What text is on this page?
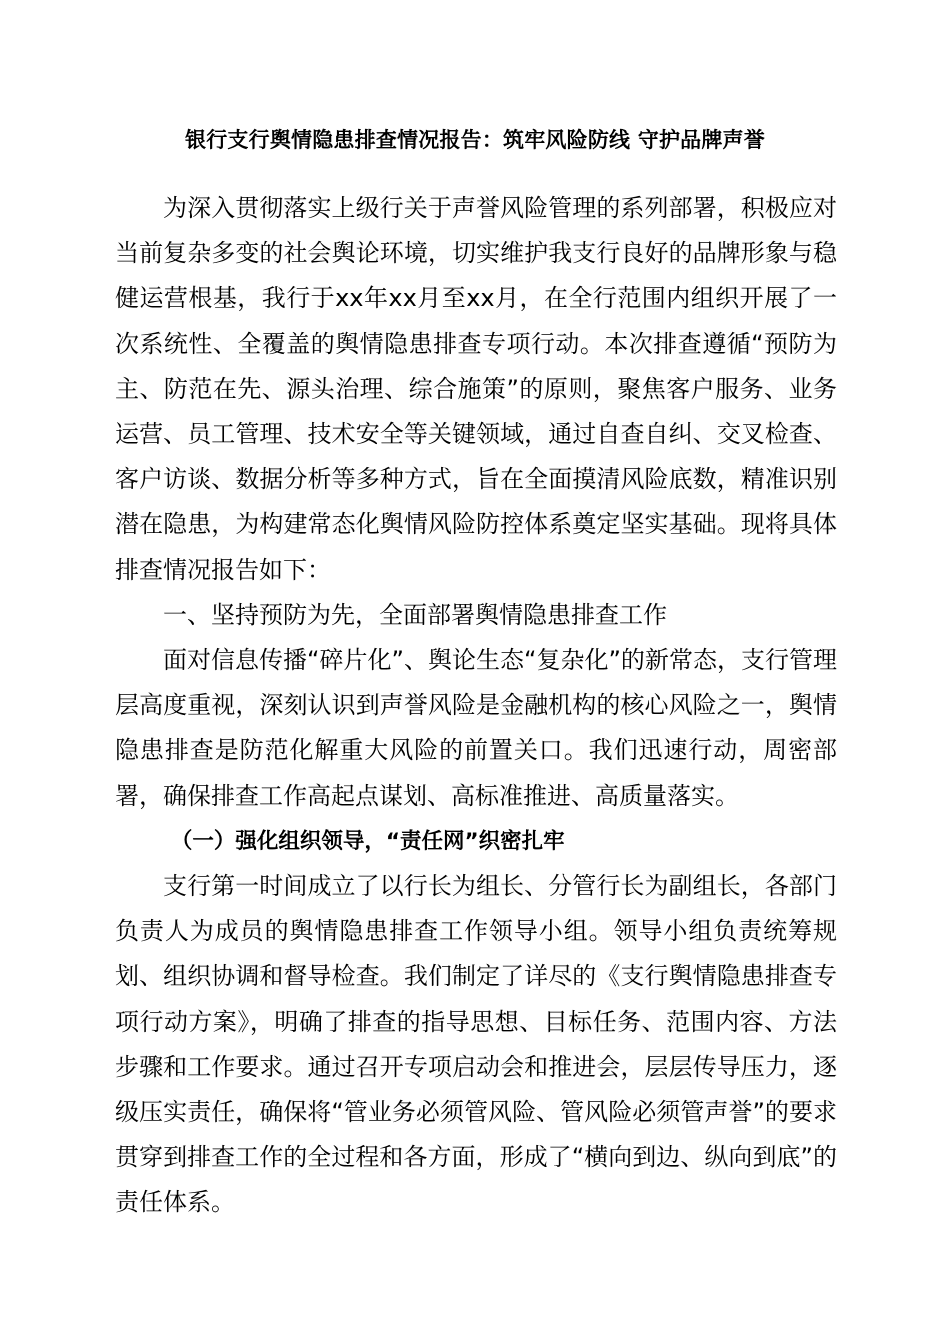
银行支行舆情隐患排查情况报告：筑牢风险防线 守护品牌声誉

为深入贯彻落实上级行关于声誉风险管理的系列部署，积极应对当前复杂多变的社会舆论环境，切实维护我支行良好的品牌形象与稳健运营根基，我行于xx年xx月至xx月，在全行范围内组织开展了一次系统性、全覆盖的舆情隐患排查专项行动。本次排查遵循“预防为主、防范在先、源头治理、综合施策”的原则，聚焦客户服务、业务运营、员工管理、技术安全等关键领域，通过自查自纠、交叉检查、客户访谈、数据分析等多种方式，旨在全面摸清风险底数，精准识别潜在隐患，为构建常态化舆情风险防控体系奠定坚实基础。现将具体排查情况报告如下：

一、坚持预防为先，全面部署舆情隐患排查工作

面对信息传播“碎片化”、舆论生态“复杂化”的新常态，支行管理层高度重视，深刻认识到声誉风险是金融机构的核心风险之一，舆情隐患排查是防范化解重大风险的前置关口。我们迅速行动，周密部署，确保排查工作高起点谋划、高标准推进、高质量落实。

（一）强化组织领导，“责任网”织密扎牢

支行第一时间成立了以行长为组长、分管行长为副组长，各部门负责人为成员的舆情隐患排查工作领导小组。领导小组负责统筹规划、组织协调和督导检查。我们制定了详尽的《支行舆情隐患排查专项行动方案》，明确了排查的指导思想、目标任务、范围内容、方法步骤和工作要求。通过召开专项启动会和推进会，层层传导压力，逐级压实责任，确保将“管业务必须管风险、管风险必须管声誉”的要求贯穿到排查工作的全过程和各方面，形成了“横向到边、纵向到底”的责任体系。
